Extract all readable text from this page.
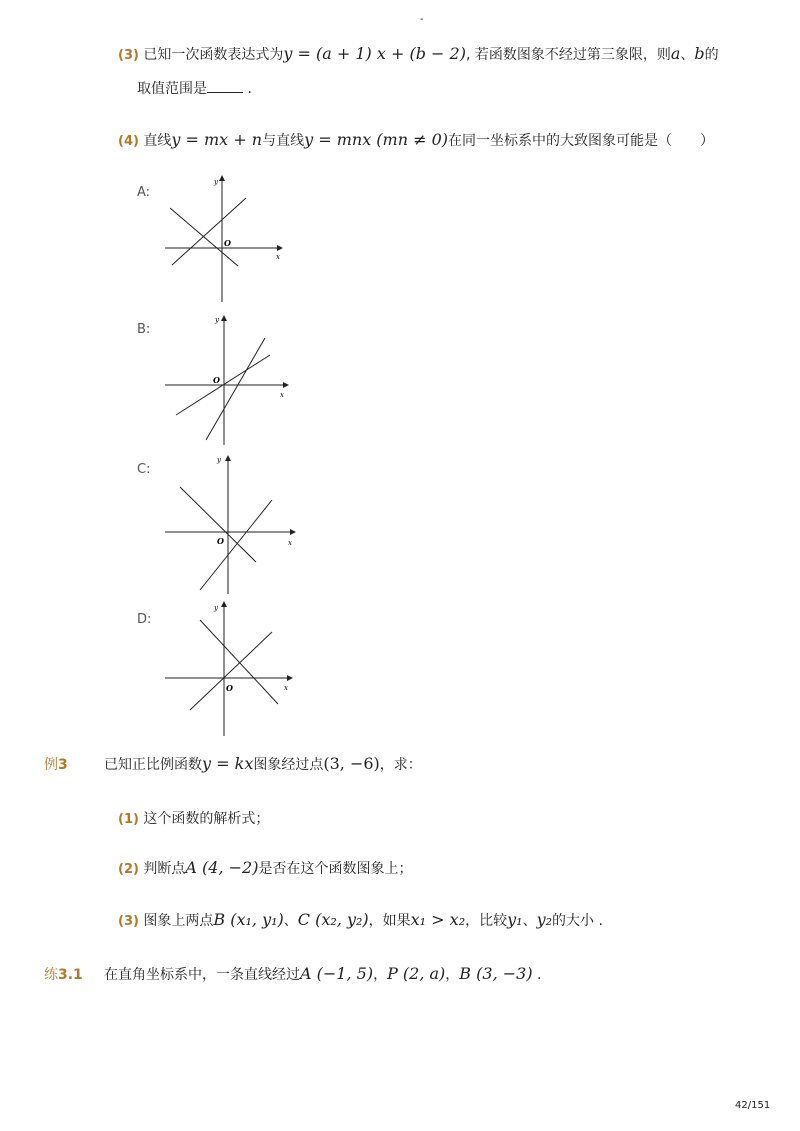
-
(3) 已知一次函数表达式为y = (a + 1) x + (b − 2), 若函数图象不经过第三象限，则a、b的
取值范围是	.
(4) 直线y = mx + n与直线y = mnx (mn ≠ 0)在同一坐标系中的大致图象可能是（　　）
A:
y
x
O
B:
y
x
O
C:
y
x
O
D:
y
x
O
例3	已知正比例函数y = kx图象经过点(3, −6)，求：
(1) 这个函数的解析式；
(2) 判断点A (4, −2)是否在这个函数图象上；
(3) 图象上两点B (x₁, y₁)、C (x₂, y₂)，如果x₁ > x₂，比较y₁、y₂的大小 .
练3.1 在直角坐标系中，一条直线经过A (−1, 5)，P (2, a)，B (3, −3) .
42/151
